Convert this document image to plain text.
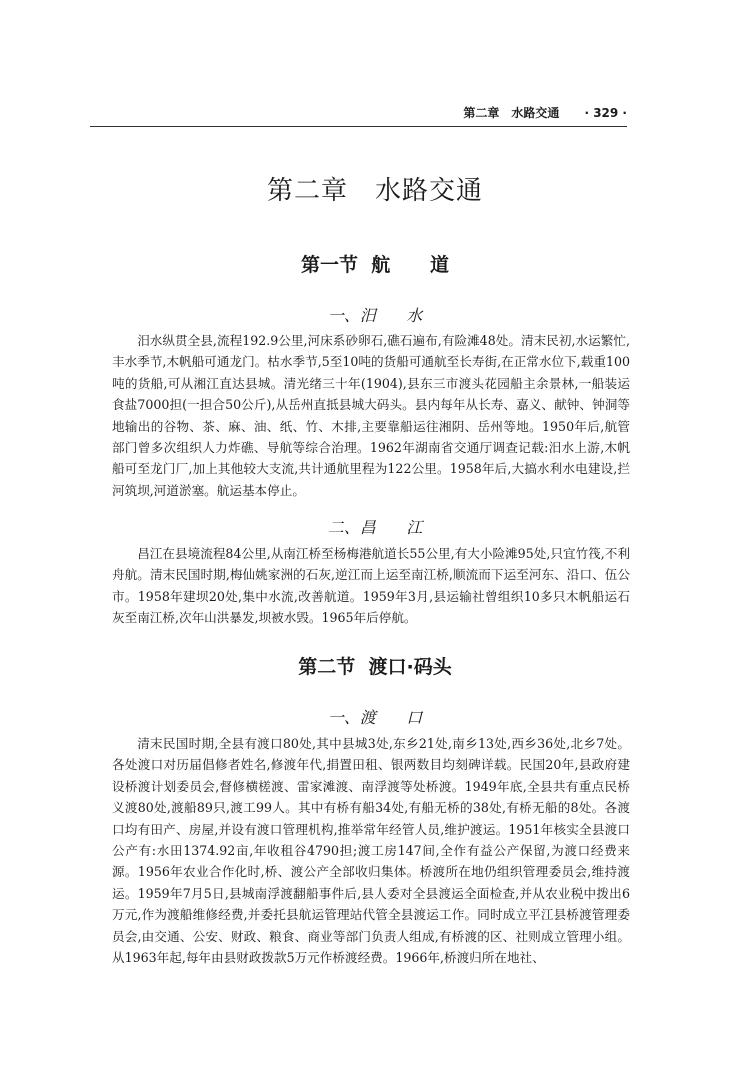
第二章　水路交通 · 329 ·
第二章　水路交通
第一节  航      道
一、汨      水

汨水纵贯全县,流程192.9公里,河床系砂卵石,礁石遍布,有险滩48处。清末民初,水运繁忙,丰水季节,木帆船可通龙门。枯水季节,5至10吨的货船可通航至长寿街,在正常水位下,载重100吨的货船,可从湘江直达县城。清光绪三十年(1904),县东三市渡头花园船主余景林,一船装运食盐7000担(一担合50公斤),从岳州直抵县城大码头。县内每年从长寿、嘉义、献钟、钟洞等地输出的谷物、茶、麻、油、纸、竹、木排,主要靠船运往湘阴、岳州等地。1950年后,航管部门曾多次组织人力炸礁、导航等综合治理。1962年湖南省交通厅调查记载:汨水上游,木帆船可至龙门厂,加上其他较大支流,共计通航里程为122公里。1958年后,大搞水利水电建设,拦河筑坝,河道淤塞。航运基本停止。

二、昌      江

昌江在县境流程84公里,从南江桥至杨梅港航道长55公里,有大小险滩95处,只宜竹筏,不利舟航。清末民国时期,梅仙姚家洲的石灰,逆江而上运至南江桥,顺流而下运至河东、沿口、伍公市。1958年建坝20处,集中水流,改善航道。1959年3月,县运输社曾组织10多只木帆船运石灰至南江桥,次年山洪暴发,坝被水毁。1965年后停航。

第二节  渡口·码头
一、渡      口

清末民国时期,全县有渡口80处,其中县城3处,东乡21处,南乡13处,西乡36处,北乡7处。各处渡口对历届倡修者姓名,修渡年代,捐置田租、银两数目均刻碑详载。民国20年,县政府建设桥渡计划委员会,督修横槎渡、雷家滩渡、南浮渡等处桥渡。1949年底,全县共有重点民桥义渡80处,渡船89只,渡工99人。其中有桥有船34处,有船无桥的38处,有桥无船的8处。各渡口均有田产、房屋,并设有渡口管理机构,推举常年经管人员,维护渡运。1951年核实全县渡口公产有:水田1374.92亩,年收租谷4790担;渡工房147间,全作有益公产保留,为渡口经费来源。1956年农业合作化时,桥、渡公产全部收归集体。桥渡所在地仍组织管理委员会,维持渡运。1959年7月5日,县城南浮渡翻船事件后,县人委对全县渡运全面检查,并从农业税中拨出6万元,作为渡船维修经费,并委托县航运管理站代管全县渡运工作。同时成立平江县桥渡管理委员会,由交通、公安、财政、粮食、商业等部门负责人组成,有桥渡的区、社则成立管理小组。从1963年起,每年由县财政拨款5万元作桥渡经费。1966年,桥渡归所在地社、
